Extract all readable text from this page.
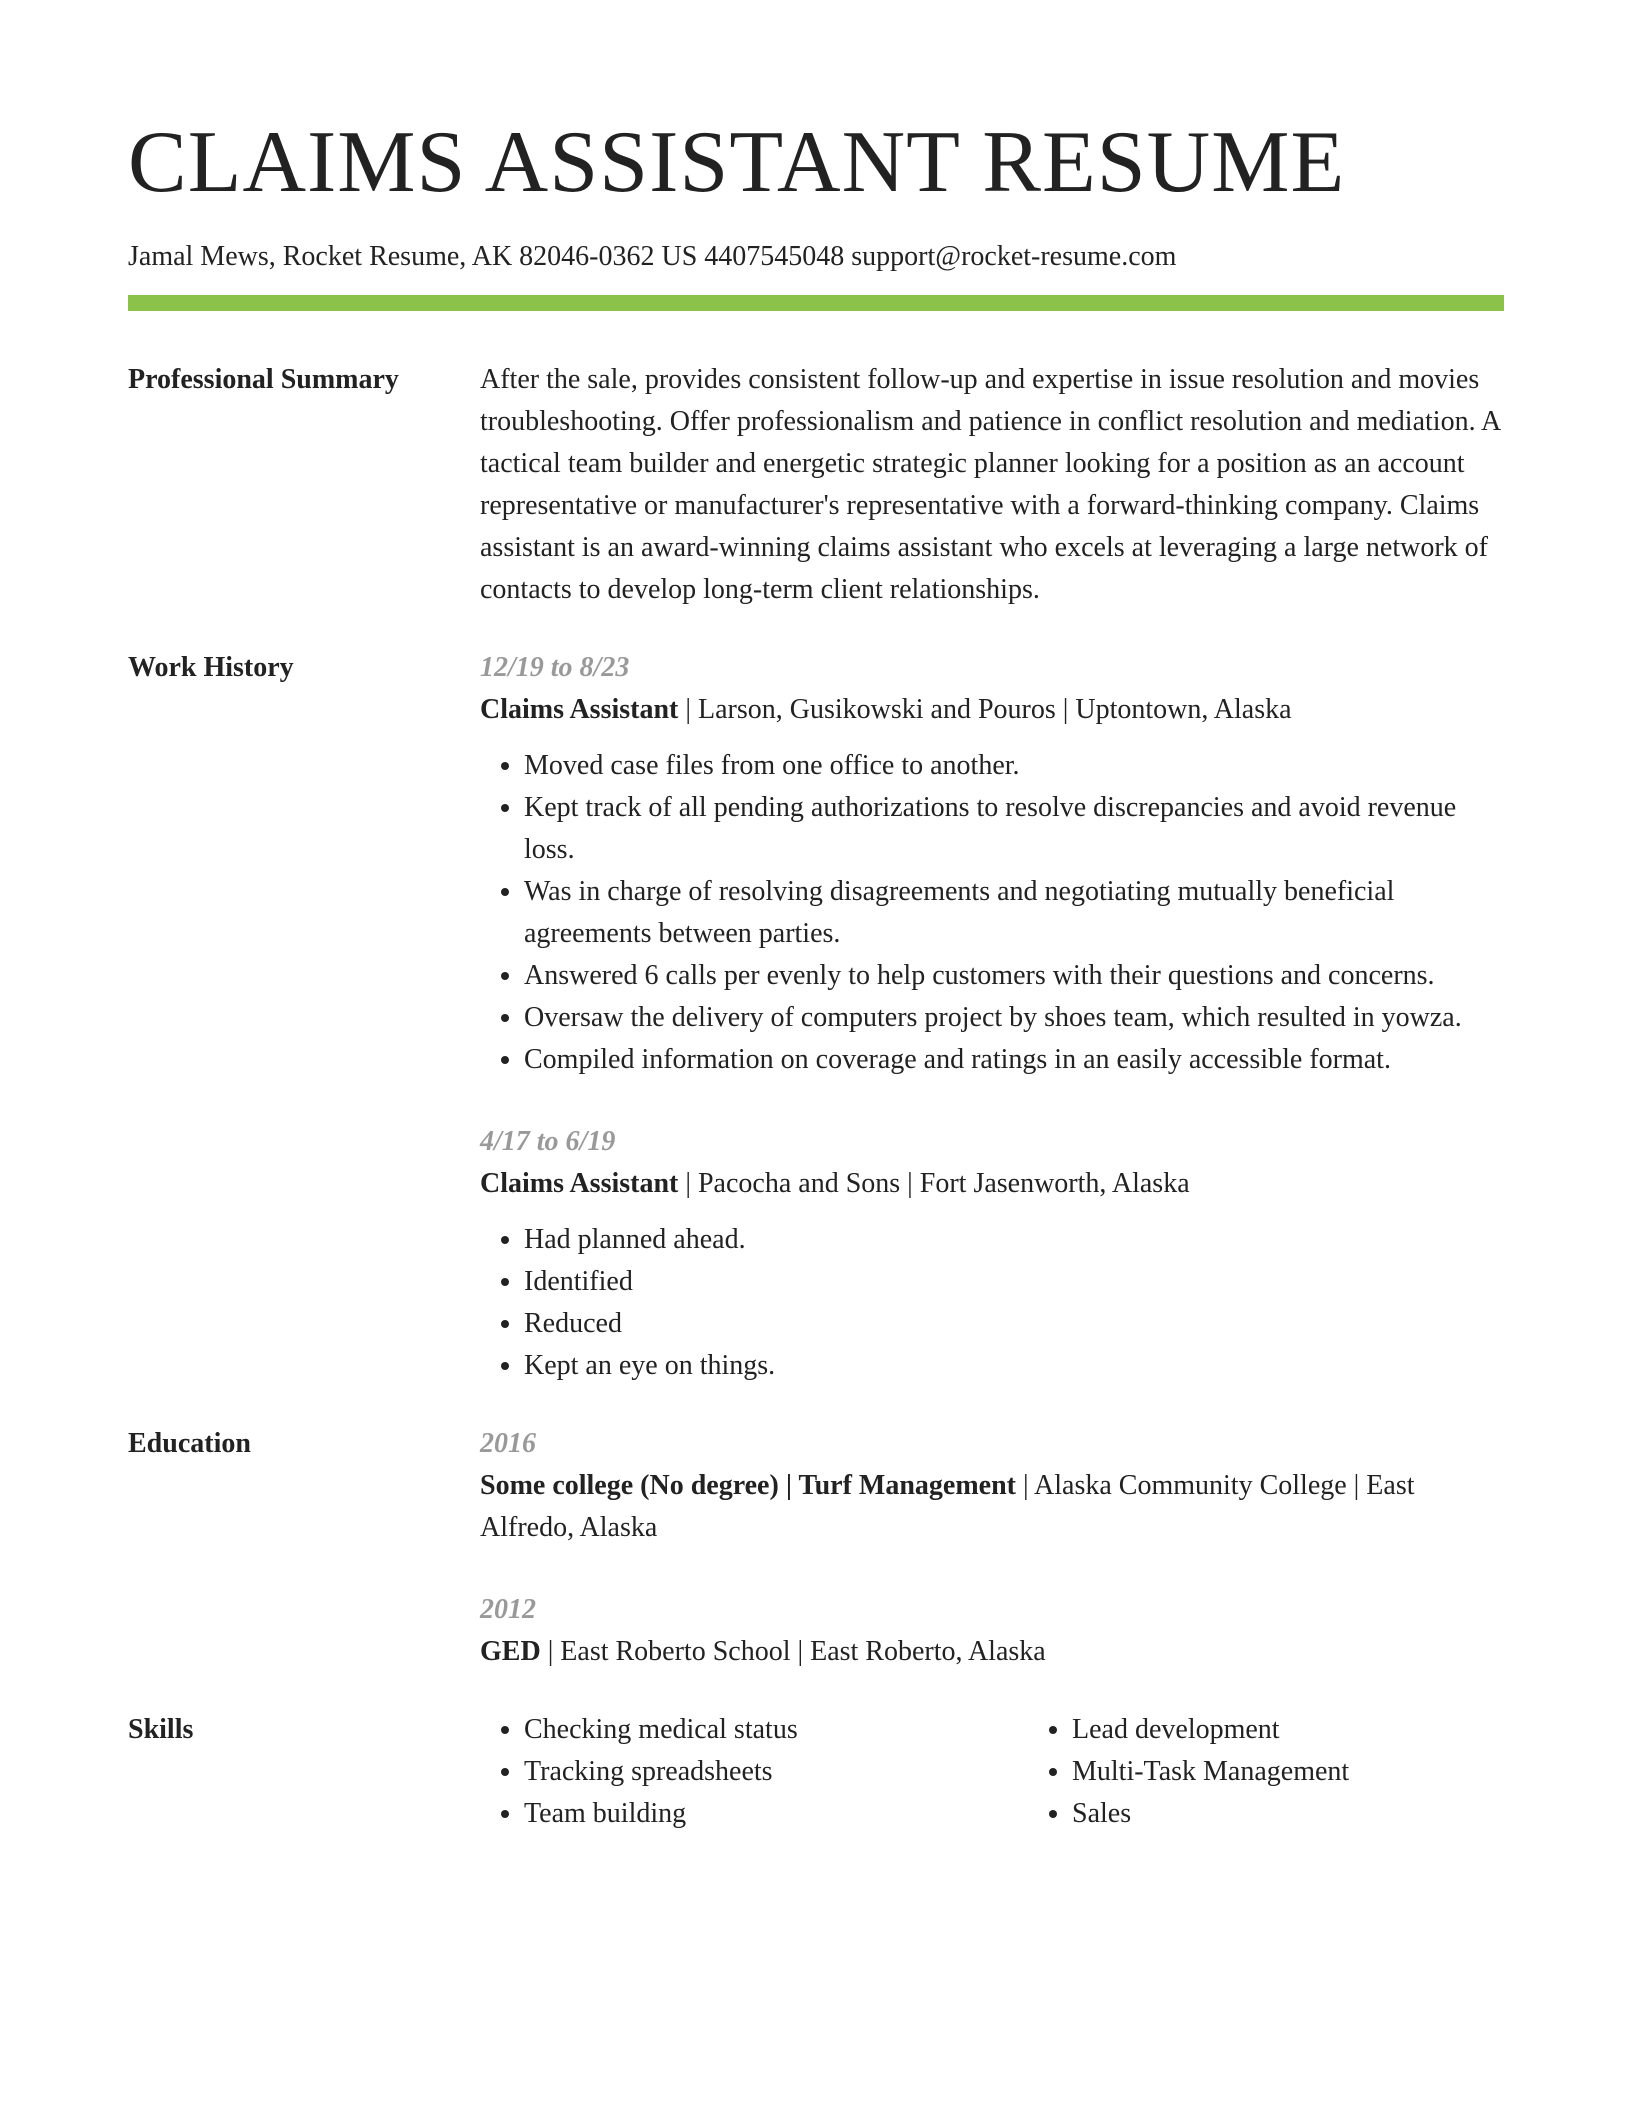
CLAIMS ASSISTANT RESUME
Jamal Mews, Rocket Resume, AK 82046-0362 US 4407545048 support@rocket-resume.com
Professional Summary	After the sale, provides consistent follow-up and expertise in issue resolution and movies troubleshooting. Offer professionalism and patience in conflict resolution and mediation. A tactical team builder and energetic strategic planner looking for a position as an account representative or manufacturer's representative with a forward-thinking company. Claims assistant is an award-winning claims assistant who excels at leveraging a large network of contacts to develop long-term client relationships.

Work History	12/19 to 8/23
Claims Assistant | Larson, Gusikowski and Pouros | Uptontown, Alaska
• Moved case files from one office to another.
• Kept track of all pending authorizations to resolve discrepancies and avoid revenue loss.
• Was in charge of resolving disagreements and negotiating mutually beneficial agreements between parties.
• Answered 6 calls per evenly to help customers with their questions and concerns.
• Oversaw the delivery of computers project by shoes team, which resulted in yowza.
• Compiled information on coverage and ratings in an easily accessible format.
4/17 to 6/19
Claims Assistant | Pacocha and Sons | Fort Jasenworth, Alaska
• Had planned ahead.
• Identified
• Reduced
• Kept an eye on things.
Education	2016
Some college (No degree) | Turf Management | Alaska Community College | East Alfredo, Alaska
2012
GED | East Roberto School | East Roberto, Alaska
Skills
•	Checking medical status
• Tracking spreadsheets
• Team building
• Lead development
• Multi-Task Management
• Sales
